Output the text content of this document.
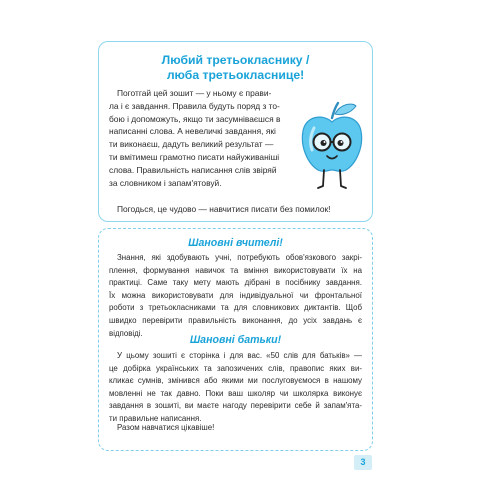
Любий третьокласнику /
люба третьокласнице!
Поготгай цей зошит — у ньому є прави-
ла і є завдання. Правила будуть поряд з то-
бою і допоможуть, якщо ти засумніваєшся в
написанні слова. А невеличкі завдання, які
ти виконаєш, дадуть великий результат —
ти вмітимеш грамотно писати найуживаніші
слова. Правильність написання слів звіряй
за словником і запам'ятовуй.
Погодься, це чудово — навчитися писати без помилок!
Шановні вчителі!
Знання, які здобувають учні, потребують обов'язкового закрі-
плення, формування навичок та вміння використовувати їх на
практиці. Саме таку мету мають дібрані в посібнику завдання.
Їх можна використовувати для індивідуальної чи фронтальної
роботи з третьокласниками та для словникових диктантів. Щоб
швидко перевірити правильність виконання, до усіх завдань є
відповіді.
Шановні батьки!
У цьому зошиті є сторінка і для вас. «50 слів для батьків» —
це добірка українських та запозичених слів, правопис яких ви-
кликає сумнів, змінився або якими ми послуговуємося в нашому
мовленні не так давно. Поки ваш школяр чи школярка виконує
завдання в зошиті, ви маєте нагоду перевірити себе й запам'ята-
ти правильне написання.
Разом навчатися цікавіше!
3
